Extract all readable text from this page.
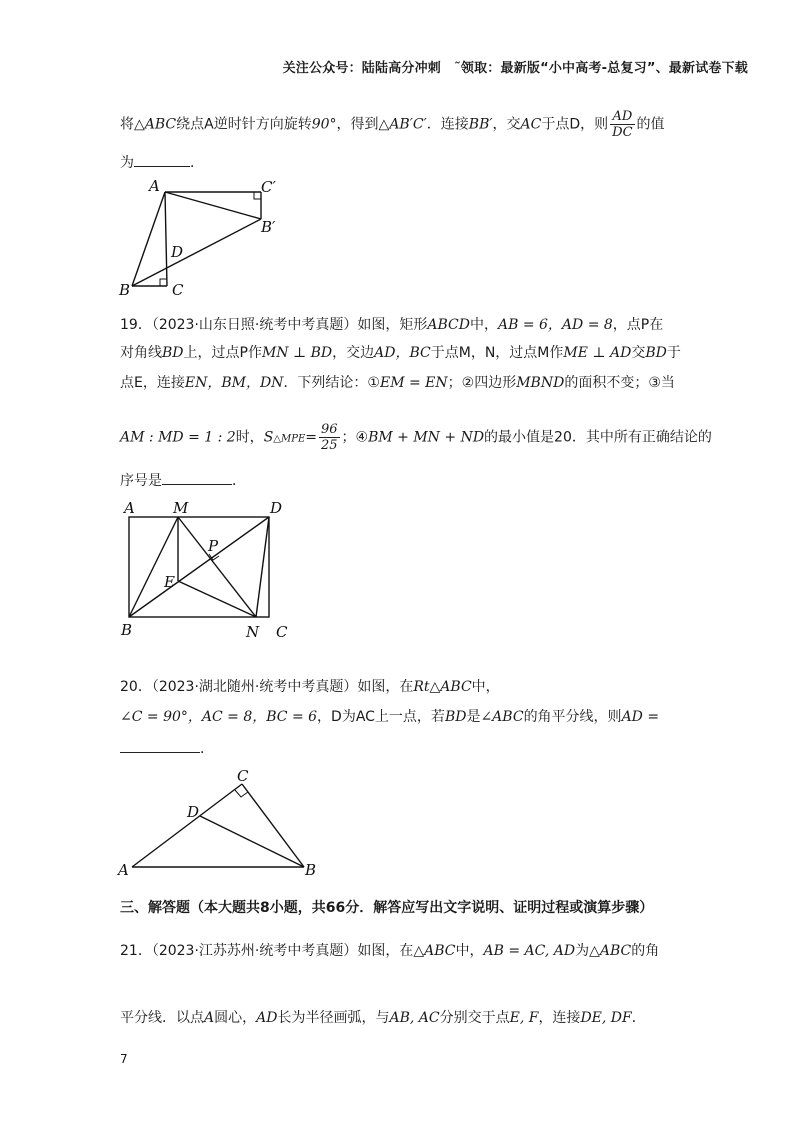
关注公众号：陆陆高分冲刺　˜领取：最新版“小中高考-总复习”、最新试卷下载
将△ABC绕点A逆时针方向旋转90°，得到△AB′C′．连接BB′，交AC于点D，则 $\frac{AD}{DC}$ 的值
为	．
A	C′
B′
D
B	C
19．（2023·山东日照·统考中考真题）如图，矩形ABCD中，AB = 6，AD = 8，点P在
对角线BD上，过点P作MN ⊥ BD，交边AD，BC于点M，N，过点M作ME ⊥ AD交BD于
点E，连接EN，BM，DN．下列结论：①EM = EN；②四边形MBND的面积不变；③当
AM : MD = 1 : 2时，S△MPE= $\frac{96}{25}$ ；④BM + MN + ND的最小值是20．其中所有正确结论的
序号是	．
A	M	D
P
E
B	N C
20．（2023·湖北随州·统考中考真题）如图，在Rt△ABC中，
∠C = 90°，AC = 8，BC = 6，D为AC上一点，若BD是∠ABC的角平分线，则AD =
．
C
D
A	B
三、解答题（本大题共8小题，共66分．解答应写出文字说明、证明过程或演算步骤）
21．（2023·江苏苏州·统考中考真题）如图，在△ABC中，AB = AC, AD为△ABC的角
平分线．以点A圆心，AD长为半径画弧，与AB, AC分别交于点E, F，连接DE, DF．
7
